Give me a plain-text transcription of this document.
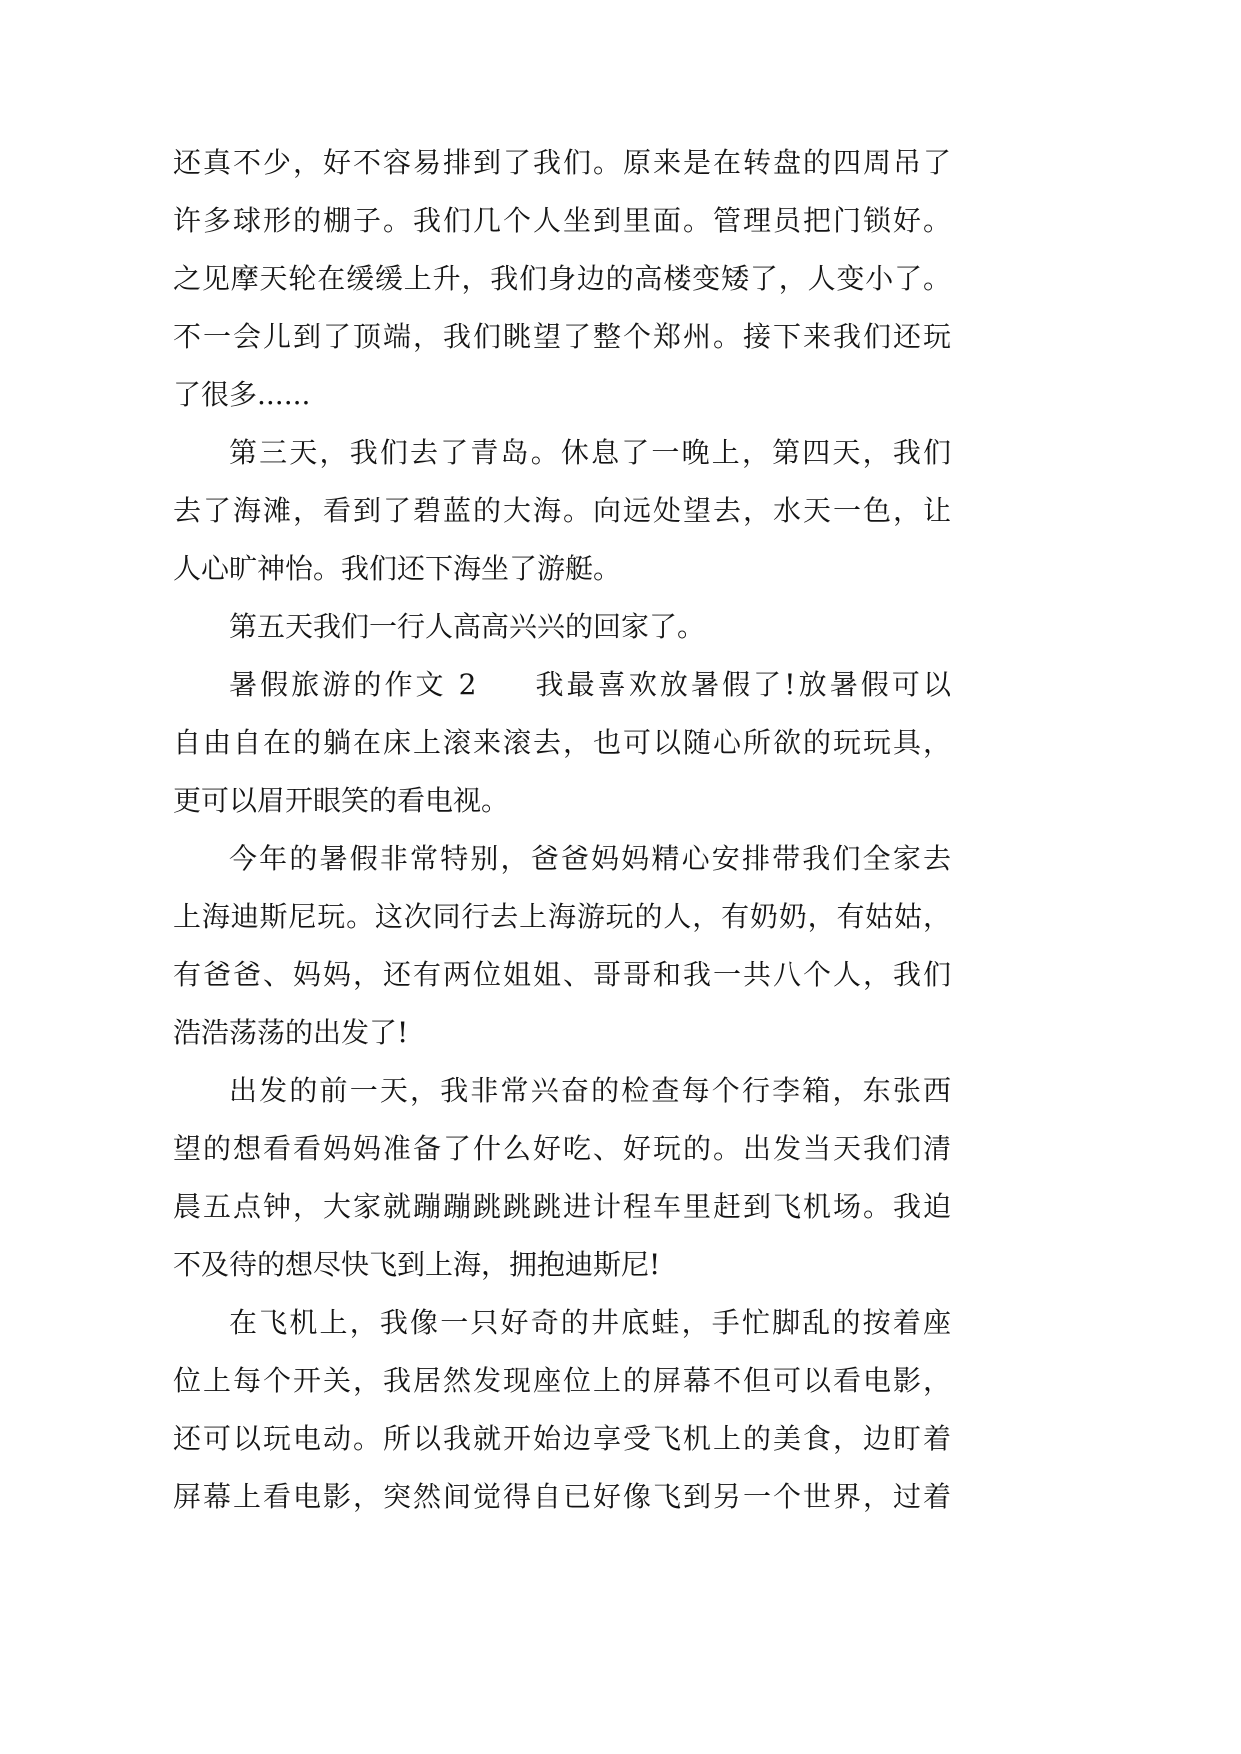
还真不少，好不容易排到了我们。原来是在转盘的四周吊了
许多球形的棚子。我们几个人坐到里面。管理员把门锁好。
之见摩天轮在缓缓上升，我们身边的高楼变矮了，人变小了。
不一会儿到了顶端，我们眺望了整个郑州。接下来我们还玩
了很多......
第三天，我们去了青岛。休息了一晚上，第四天，我们
去了海滩，看到了碧蓝的大海。向远处望去，水天一色，让
人心旷神怡。我们还下海坐了游艇。
第五天我们一行人高高兴兴的回家了。
暑假旅游的作文 2 我最喜欢放暑假了!放暑假可以
自由自在的躺在床上滚来滚去，也可以随心所欲的玩玩具，
更可以眉开眼笑的看电视。
今年的暑假非常特别，爸爸妈妈精心安排带我们全家去
上海迪斯尼玩。这次同行去上海游玩的人，有奶奶，有姑姑，
有爸爸、妈妈，还有两位姐姐、哥哥和我一共八个人，我们
浩浩荡荡的出发了!
出发的前一天，我非常兴奋的检查每个行李箱，东张西
望的想看看妈妈准备了什么好吃、好玩的。出发当天我们清
晨五点钟，大家就蹦蹦跳跳跳进计程车里赶到飞机场。我迫
不及待的想尽快飞到上海，拥抱迪斯尼!
在飞机上，我像一只好奇的井底蛙，手忙脚乱的按着座
位上每个开关，我居然发现座位上的屏幕不但可以看电影，
还可以玩电动。所以我就开始边享受飞机上的美食，边盯着
屏幕上看电影，突然间觉得自已好像飞到另一个世界，过着
